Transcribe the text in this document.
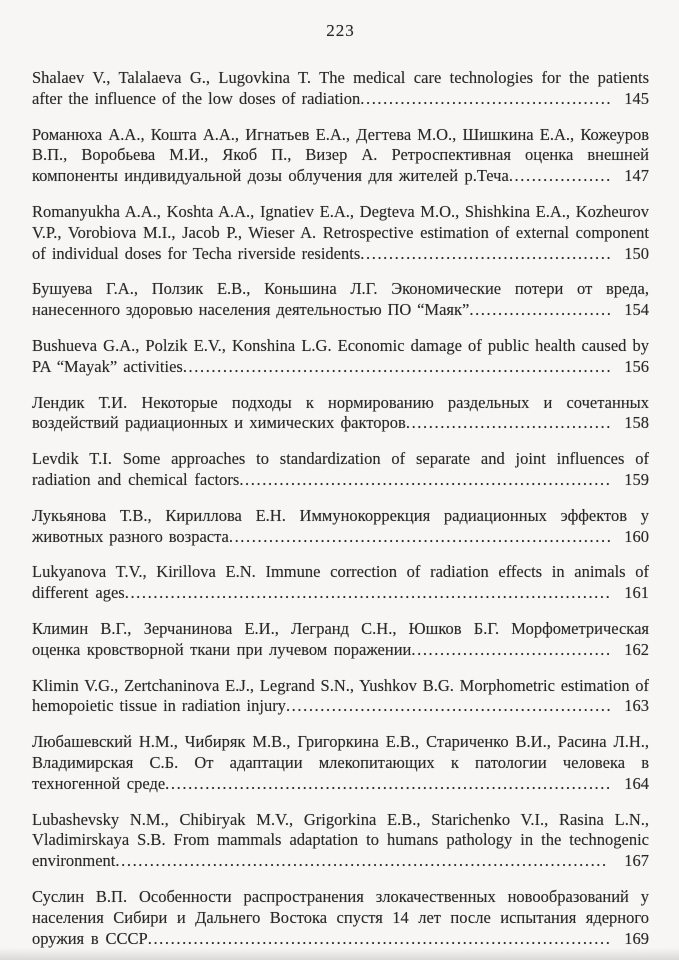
223

Shalaev V., Talalaeva G., Lugovkina T. The medical care technologies for the patients after the influence of the low doses of radiation............................................ 145

Романюха А.А., Кошта А.А., Игнатьев Е.А., Дегтева М.О., Шишкина Е.А., Кожеуров В.П., Воробьева М.И., Якоб П., Визер А. Ретроспективная оценка внешней компоненты индивидуальной дозы облучения для жителей р.Теча.................. 147

Romanyukha A.A., Koshta A.A., Ignatiev E.A., Degteva M.O., Shishkina E.A., Kozheurov V.P., Vorobiova M.I., Jacob P., Wieser A. Retrospective estimation of external component of individual doses for Techa riverside residents............................................ 150

Бушуева Г.А., Ползик Е.В., Коньшина Л.Г. Экономические потери от вреда, нанесенного здоровью населения деятельностью ПО “Маяк”......................... 154

Bushueva G.A., Polzik E.V., Konshina L.G. Economic damage of public health caused by PA “Mayak” activities........................................................................... 156

Лендик Т.И. Некоторые подходы к нормированию раздельных и сочетанных воздействий радиационных и химических факторов.................................... 158

Levdik T.I. Some approaches to standardization of separate and joint influences of radiation and chemical factors................................................................. 159

Лукьянова Т.В., Кириллова Е.Н. Иммунокоррекция радиационных эффектов у животных разного возраста................................................................... 160

Lukyanova T.V., Kirillova E.N. Immune correction of radiation effects in animals of different ages..................................................................................... 161

Климин В.Г., Зерчанинова Е.И., Легранд С.Н., Юшков Б.Г. Морфометрическая оценка кровстворной ткани при лучевом поражении................................... 162

Klimin V.G., Zertchaninova E.J., Legrand S.N., Yushkov B.G. Morphometric estimation of hemopoietic tissue in radiation injury......................................................... 163

Любашевский Н.М., Чибиряк М.В., Григоркина Е.В., Стариченко В.И., Расина Л.Н., Владимирская С.Б. От адаптации млекопитающих к патологии человека в техногенной среде.............................................................................. 164

Lubashevsky N.M., Chibiryak M.V., Grigorkina E.B., Starichenko V.I., Rasina L.N., Vladimirskaya S.B. From mammals adaptation to humans pathology in the technogenic environment...................................................................................... 167

Суслин В.П. Особенности распространения злокачественных новообразований у населения Сибири и Дальнего Востока спустя 14 лет после испытания ядерного оружия в СССР................................................................................. 169
